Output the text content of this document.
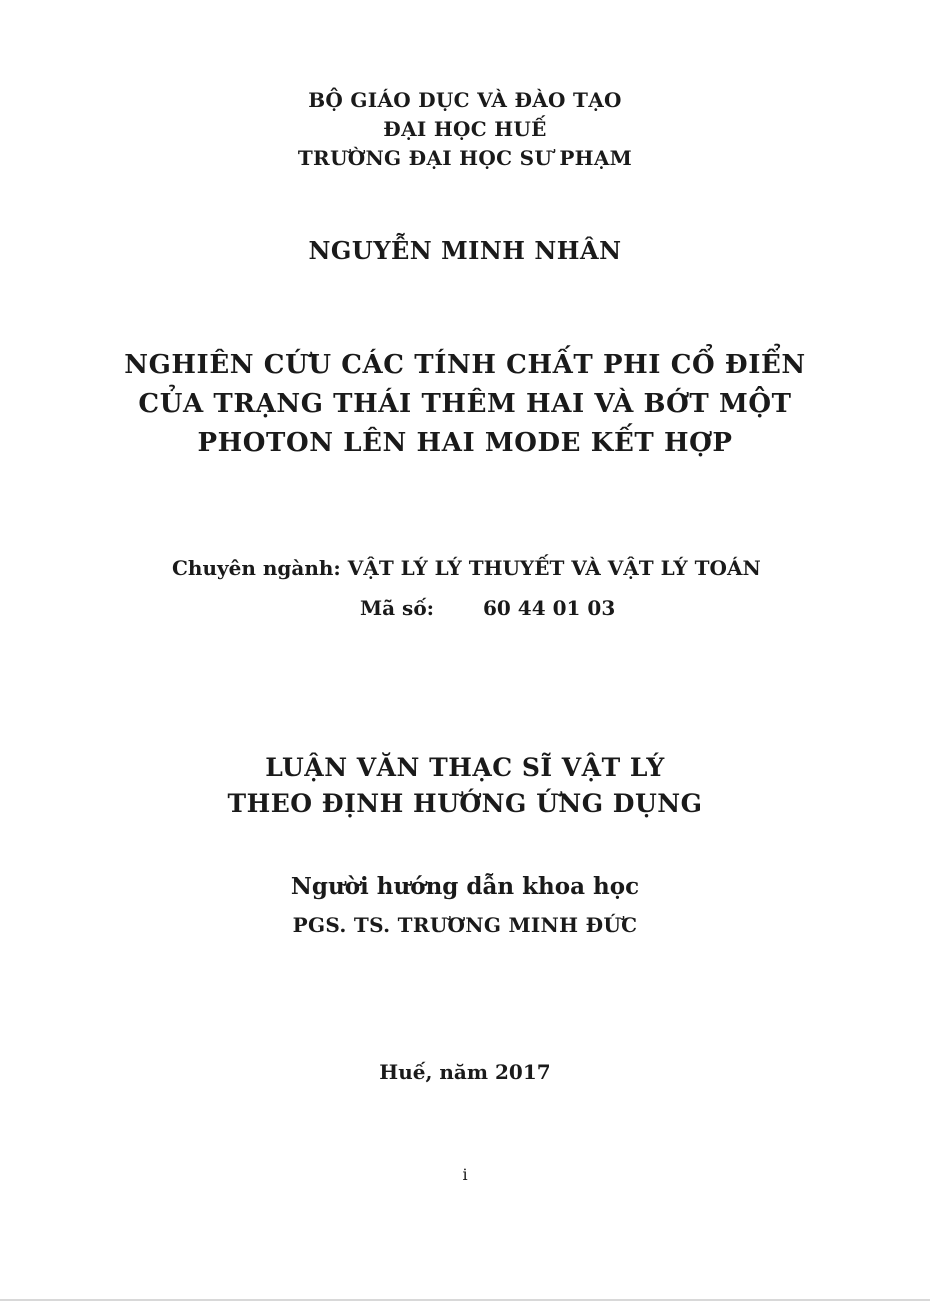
BỘ GIÁO DỤC VÀ ĐÀO TẠO
ĐẠI HỌC HUẾ
TRƯỜNG ĐẠI HỌC SƯ PHẠM
NGUYỄN MINH NHÂN
NGHIÊN CỨU CÁC TÍNH CHẤT PHI CỔ ĐIỂN
CỦA TRẠNG THÁI THÊM HAI VÀ BỚT MỘT
PHOTON LÊN HAI MODE KẾT HỢP
Chuyên ngành: VẬT LÝ LÝ THUYẾT VÀ VẬT LÝ TOÁN
Mã số: 60 44 01 03
LUẬN VĂN THẠC SĨ VẬT LÝ
THEO ĐỊNH HƯỚNG ỨNG DỤNG
Người hướng dẫn khoa học
PGS. TS. TRƯƠNG MINH ĐỨC
Huế, năm 2017
i
